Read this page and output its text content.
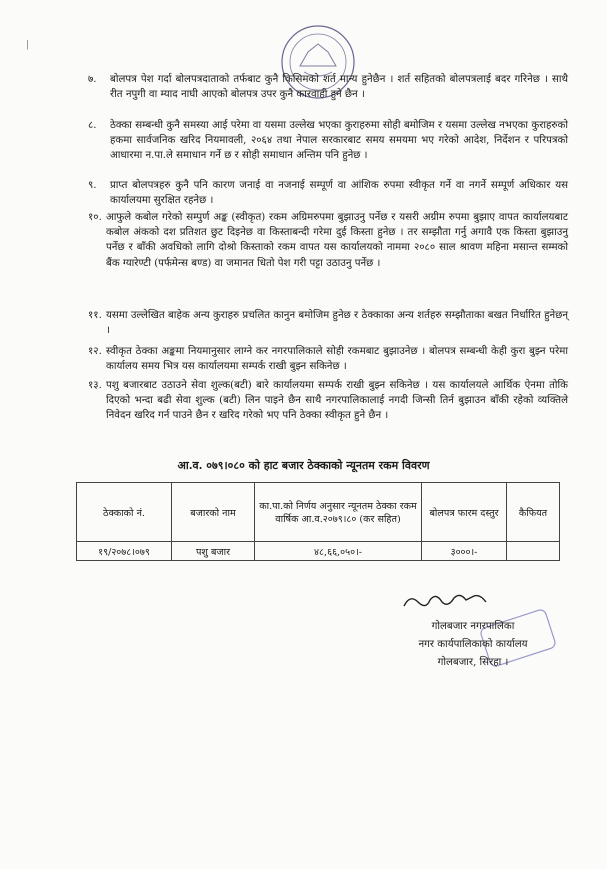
|
७.	बोलपत्र पेश गर्दा बोलपत्रदाताको तर्फबाट कुनै किसिमको शर्त मान्य हुनेछैन । शर्त सहितको बोलपत्रलाई बदर गरिनेछ । साथै रीत नपुगी वा म्याद नाघी आएको बोलपत्र उपर कुनै कारवाही हुने छैन ।
८.	ठेक्का सम्बन्धी कुनै समस्या आई परेमा वा यसमा उल्लेख भएका कुराहरुमा सोही बमोजिम र यसमा उल्लेख नभएका कुराहरुको हकमा सार्वजनिक खरिद नियमावली, २०६४ तथा नेपाल सरकारबाट समय समयमा भए गरेको आदेश, निर्देशन र परिपत्रको आधारमा न.पा.ले समाधान गर्ने छ र सोही समाधान अन्तिम पनि हुनेछ ।
९.	प्राप्त बोलपत्रहरु कुनै पनि कारण जनाई वा नजनाई सम्पूर्ण वा आंशिक रुपमा स्वीकृत गर्ने वा नगर्ने सम्पूर्ण अधिकार यस कार्यालयमा सुरक्षित रहनेछ ।
१०. आफुले कबोल गरेको सम्पुर्ण अङ्क (स्वीकृत) रकम अग्रिमरुपमा बुझाउनु पर्नेछ र यसरी अग्रीम रुपमा बुझाए वापत कार्यालयबाट कबोल अंकको दश प्रतिशत छुट दिइनेछ वा किस्ताबन्दी गरेमा दुई किस्ता हुनेछ । तर सम्झौता गर्नु अगावै एक किस्ता बुझाउनु पर्नेछ र बाँकी अवधिको लागि दोश्रो किस्ताको रकम वापत यस कार्यालयको नाममा २०८० साल श्रावण महिना मसान्त सम्मको बैंक ग्यारेण्टी (पर्फमेन्स बण्ड) वा जमानत धितो पेश गरी पट्टा उठाउनु पर्नेछ ।
११. यसमा उल्लेखित बाहेक अन्य कुराहरु प्रचलित कानुन बमोजिम हुनेछ र ठेक्काका अन्य शर्तहरु सम्झौताका बखत निर्धारित हुनेछन् ।
१२. स्वीकृत ठेक्का अङ्कमा नियमानुसार लाग्ने कर नगरपालिकाले सोही रकमबाट बुझाउनेछ । बोलपत्र सम्बन्धी केही कुरा बुझ्न परेमा कार्यालय समय भित्र यस कार्यालयमा सम्पर्क राखी बुझ्न सकिनेछ ।
१३. पशु बजारबाट उठाउने सेवा शुल्क(बटी) बारे कार्यालयमा सम्पर्क राखी बुझ्न सकिनेछ । यस कार्यालयले आर्थिक ऐनमा तोकि दिएको भन्दा बढी सेवा शुल्क (बटी) लिन पाइने छैन साथै नगरपालिकालाई नगदी जिन्सी तिर्न बुझाउन बाँकी रहेको व्यक्तिले निवेदन खरिद गर्न पाउने छैन र खरिद गरेको भए पनि ठेक्का स्वीकृत हुने छैन ।
आ.व. ०७९।०८० को हाट बजार ठेक्काको न्यूनतम रकम विवरण
ठेक्काको नं.	बजारको नाम	का.पा.को निर्णय अनुसार न्यूनतम ठेक्का रकम वार्षिक आ.व.२०७९।८० (कर सहित)	बोलपत्र फारम दस्तुर	कैफियत
१९/२०७८।०७९	पशु बजार	४८,६६,०५०।-	३०००।-	
गोलबजार नगरपालिका
नगर कार्यपालिकाको कार्यालय
गोलबजार, सिरहा ।
